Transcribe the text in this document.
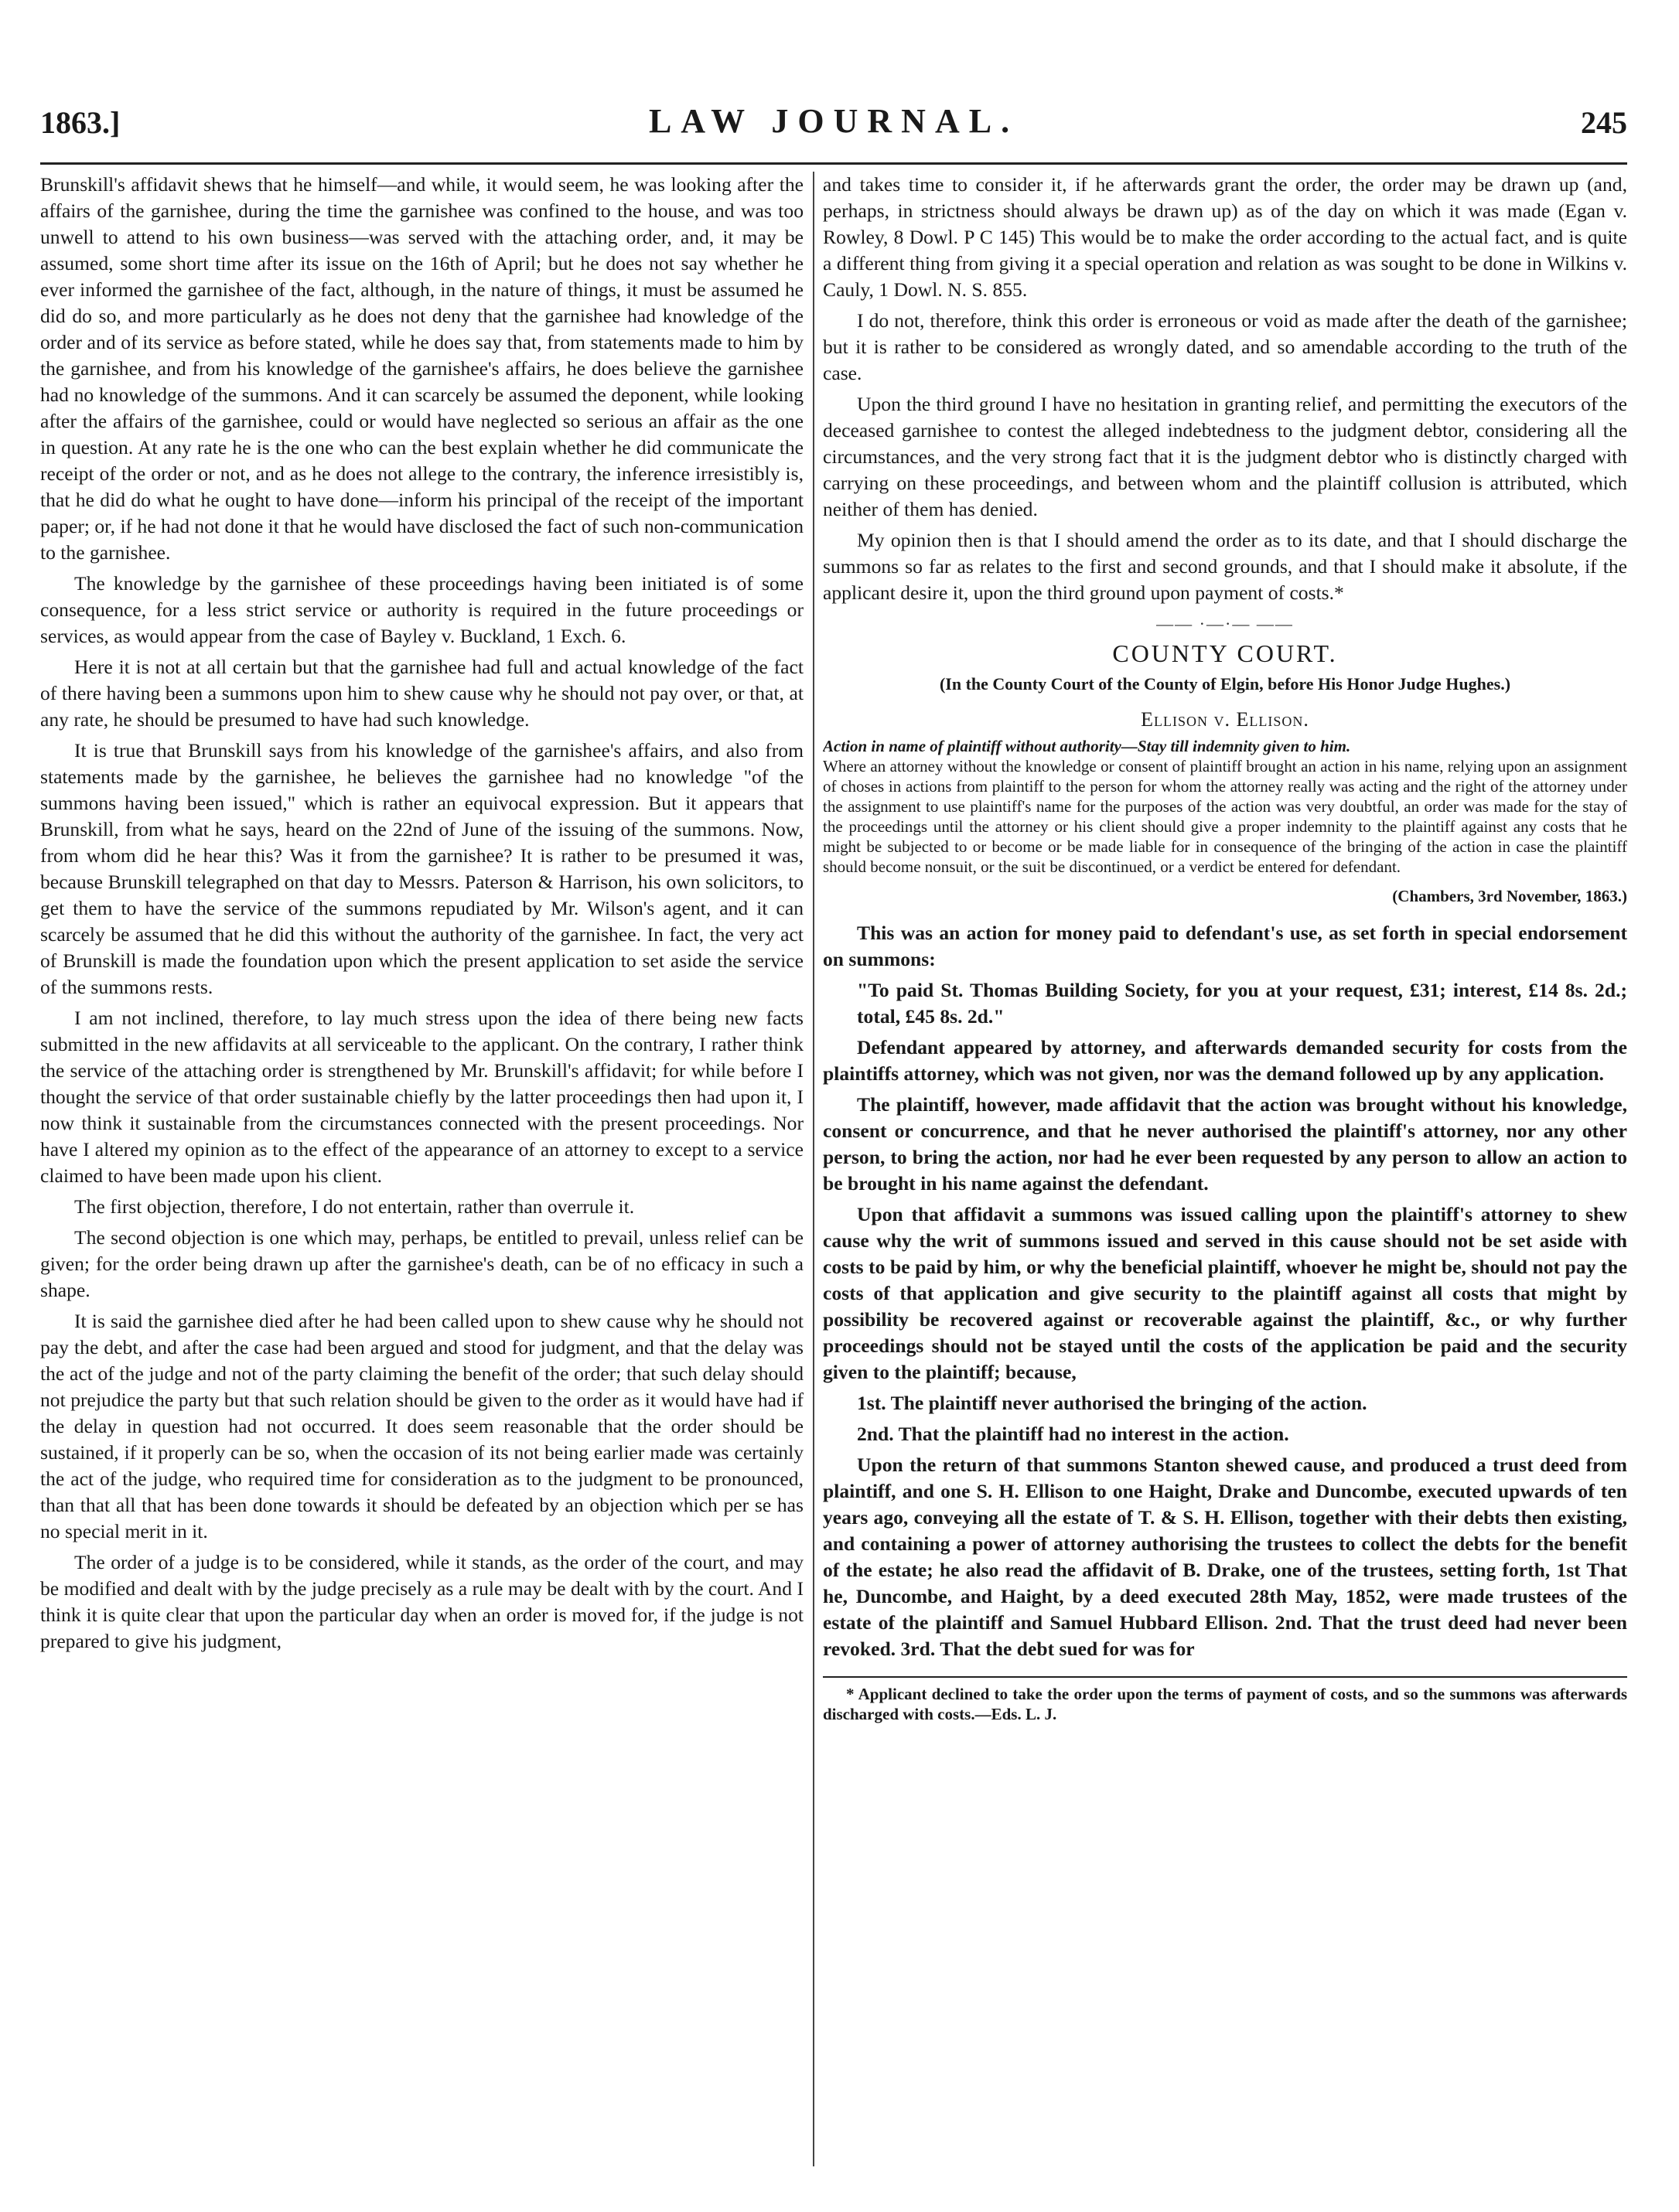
1863.]	LAW JOURNAL.	245

Brunskill's affidavit shews that he himself—and while, it would seem, he was looking after the affairs of the garnishee, during the time the garnishee was confined to the house, and was too unwell to attend to his own business—was served with the attaching order, and, it may be assumed, some short time after its issue on the 16th of April; but he does not say whether he ever informed the garnishee of the fact, although, in the nature of things, it must be assumed he did do so, and more particularly as he does not deny that the garnishee had knowledge of the order and of its service as before stated, while he does say that, from statements made to him by the garnishee, and from his knowledge of the garnishee's affairs, he does believe the garnishee had no knowledge of the summons. And it can scarcely be assumed the deponent, while looking after the affairs of the garnishee, could or would have neglected so serious an affair as the one in question. At any rate he is the one who can the best explain whether he did communicate the receipt of the order or not, and as he does not allege to the contrary, the inference irresistibly is, that he did do what he ought to have done—inform his principal of the receipt of the important paper; or, if he had not done it that he would have disclosed the fact of such non-communication to the garnishee.

The knowledge by the garnishee of these proceedings having been initiated is of some consequence, for a less strict service or authority is required in the future proceedings or services, as would appear from the case of Bayley v. Buckland, 1 Exch. 6.

Here it is not at all certain but that the garnishee had full and actual knowledge of the fact of there having been a summons upon him to shew cause why he should not pay over, or that, at any rate, he should be presumed to have had such knowledge.

It is true that Brunskill says from his knowledge of the garnishee's affairs, and also from statements made by the garnishee, he believes the garnishee had no knowledge "of the summons having been issued," which is rather an equivocal expression. But it appears that Brunskill, from what he says, heard on the 22nd of June of the issuing of the summons. Now, from whom did he hear this? Was it from the garnishee? It is rather to be presumed it was, because Brunskill telegraphed on that day to Messrs. Paterson & Harrison, his own solicitors, to get them to have the service of the summons repudiated by Mr. Wilson's agent, and it can scarcely be assumed that he did this without the authority of the garnishee. In fact, the very act of Brunskill is made the foundation upon which the present application to set aside the service of the summons rests.

I am not inclined, therefore, to lay much stress upon the idea of there being new facts submitted in the new affidavits at all serviceable to the applicant. On the contrary, I rather think the service of the attaching order is strengthened by Mr. Brunskill's affidavit; for while before I thought the service of that order sustainable chiefly by the latter proceedings then had upon it, I now think it sustainable from the circumstances connected with the present proceedings. Nor have I altered my opinion as to the effect of the appearance of an attorney to except to a service claimed to have been made upon his client.

The first objection, therefore, I do not entertain, rather than overrule it.

The second objection is one which may, perhaps, be entitled to prevail, unless relief can be given; for the order being drawn up after the garnishee's death, can be of no efficacy in such a shape.

It is said the garnishee died after he had been called upon to shew cause why he should not pay the debt, and after the case had been argued and stood for judgment, and that the delay was the act of the judge and not of the party claiming the benefit of the order; that such delay should not prejudice the party but that such relation should be given to the order as it would have had if the delay in question had not occurred. It does seem reasonable that the order should be sustained, if it properly can be so, when the occasion of its not being earlier made was certainly the act of the judge, who required time for consideration as to the judgment to be pronounced, than that all that has been done towards it should be defeated by an objection which per se has no special merit in it.

The order of a judge is to be considered, while it stands, as the order of the court, and may be modified and dealt with by the judge precisely as a rule may be dealt with by the court. And I think it is quite clear that upon the particular day when an order is moved for, if the judge is not prepared to give his judgment,

and takes time to consider it, if he afterwards grant the order, the order may be drawn up (and, perhaps, in strictness should always be drawn up) as of the day on which it was made (Egan v. Rowley, 8 Dowl. P C 145) This would be to make the order according to the actual fact, and is quite a different thing from giving it a special operation and relation as was sought to be done in Wilkins v. Cauly, 1 Dowl. N. S. 855.

I do not, therefore, think this order is erroneous or void as made after the death of the garnishee; but it is rather to be considered as wrongly dated, and so amendable according to the truth of the case.

Upon the third ground I have no hesitation in granting relief, and permitting the executors of the deceased garnishee to contest the alleged indebtedness to the judgment debtor, considering all the circumstances, and the very strong fact that it is the judgment debtor who is distinctly charged with carrying on these proceedings, and between whom and the plaintiff collusion is attributed, which neither of them has denied.

My opinion then is that I should amend the order as to its date, and that I should discharge the summons so far as relates to the first and second grounds, and that I should make it absolute, if the applicant desire it, upon the third ground upon payment of costs.*

—— ·—·— ——
COUNTY COURT.
(In the County Court of the County of Elgin, before His Honor Judge Hughes.)
Ellison v. Ellison.
Action in name of plaintiff without authority—Stay till indemnity given to him.
Where an attorney without the knowledge or consent of plaintiff brought an action in his name, relying upon an assignment of choses in actions from plaintiff to the person for whom the attorney really was acting and the right of the attorney under the assignment to use plaintiff's name for the purposes of the action was very doubtful, an order was made for the stay of the proceedings until the attorney or his client should give a proper indemnity to the plaintiff against any costs that he might be subjected to or become or be made liable for in consequence of the bringing of the action in case the plaintiff should become nonsuit, or the suit be discontinued, or a verdict be entered for defendant.
(Chambers, 3rd November, 1863.)

This was an action for money paid to defendant's use, as set forth in special endorsement on summons:

"To paid St. Thomas Building Society, for you at your request, £31; interest, £14 8s. 2d.; total, £45 8s. 2d."

Defendant appeared by attorney, and afterwards demanded security for costs from the plaintiffs attorney, which was not given, nor was the demand followed up by any application.

The plaintiff, however, made affidavit that the action was brought without his knowledge, consent or concurrence, and that he never authorised the plaintiff's attorney, nor any other person, to bring the action, nor had he ever been requested by any person to allow an action to be brought in his name against the defendant.

Upon that affidavit a summons was issued calling upon the plaintiff's attorney to shew cause why the writ of summons issued and served in this cause should not be set aside with costs to be paid by him, or why the beneficial plaintiff, whoever he might be, should not pay the costs of that application and give security to the plaintiff against all costs that might by possibility be recovered against or recoverable against the plaintiff, &c., or why further proceedings should not be stayed until the costs of the application be paid and the security given to the plaintiff; because,

1st. The plaintiff never authorised the bringing of the action.

2nd. That the plaintiff had no interest in the action.

Upon the return of that summons Stanton shewed cause, and produced a trust deed from plaintiff, and one S. H. Ellison to one Haight, Drake and Duncombe, executed upwards of ten years ago, conveying all the estate of T. & S. H. Ellison, together with their debts then existing, and containing a power of attorney authorising the trustees to collect the debts for the benefit of the estate; he also read the affidavit of B. Drake, one of the trustees, setting forth, 1st That he, Duncombe, and Haight, by a deed executed 28th May, 1852, were made trustees of the estate of the plaintiff and Samuel Hubbard Ellison. 2nd. That the trust deed had never been revoked. 3rd. That the debt sued for was for

* Applicant declined to take the order upon the terms of payment of costs, and so the summons was afterwards discharged with costs.—Eds. L. J.
